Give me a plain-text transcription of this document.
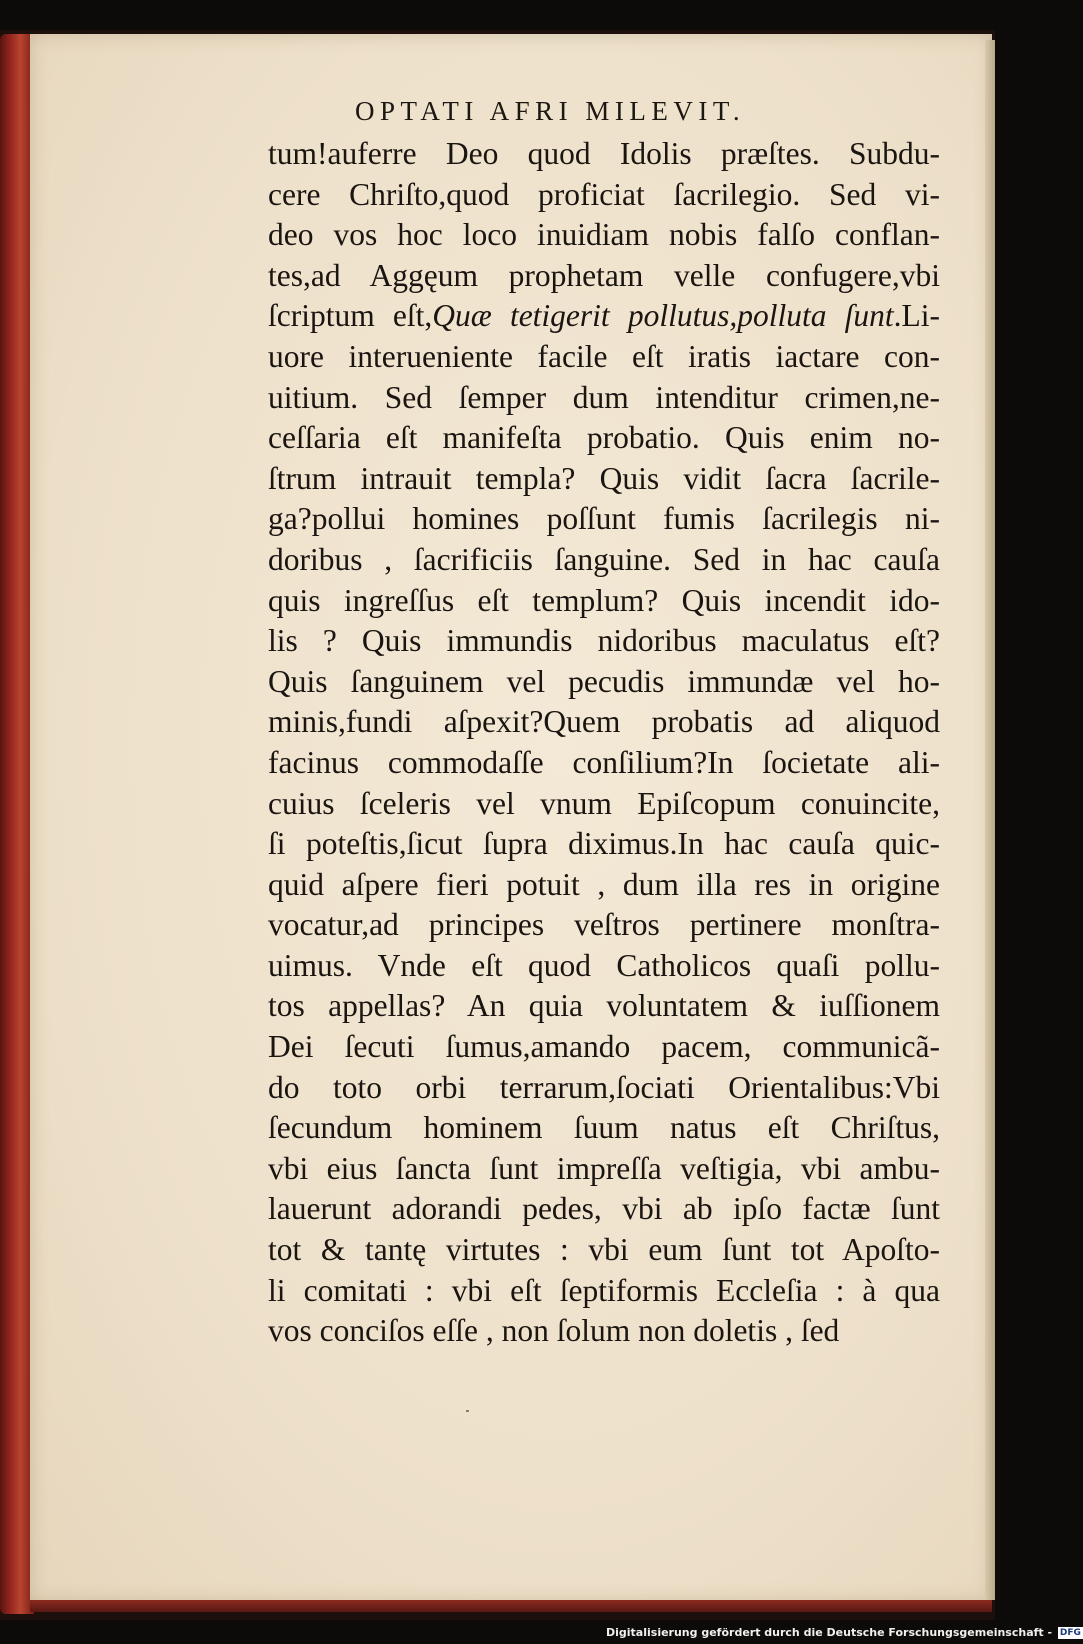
OPTATI AFRI MILEVIT.
tum!auferre Deo quod Idolis præſtes. Subdu-
cere Chriſto,quod proficiat ſacrilegio. Sed vi-
deo vos hoc loco inuidiam nobis falſo conflan-
tes,ad Aggęum prophetam velle confugere,vbi
ſcriptum eſt,Quæ tetigerit pollutus,polluta ſunt.Li-
uore interueniente facile eſt iratis iactare con-
uitium. Sed ſemper dum intenditur crimen,ne-
ceſſaria eſt manifeſta probatio. Quis enim no-
ſtrum intrauit templa? Quis vidit ſacra ſacrile-
ga?pollui homines poſſunt fumis ſacrilegis ni-
doribus , ſacrificiis ſanguine. Sed in hac cauſa
quis ingreſſus eſt templum? Quis incendit ido-
lis ? Quis immundis nidoribus maculatus eſt?
Quis ſanguinem vel pecudis immundæ vel ho-
minis,fundi aſpexit?Quem probatis ad aliquod
facinus commodaſſe conſilium?In ſocietate ali-
cuius ſceleris vel vnum Epiſcopum conuincite,
ſi poteſtis,ſicut ſupra diximus.In hac cauſa quic-
quid aſpere fieri potuit , dum illa res in origine
vocatur,ad principes veſtros pertinere monſtra-
uimus. Vnde eſt quod Catholicos quaſi pollu-
tos appellas? An quia voluntatem & iuſſionem
Dei ſecuti ſumus,amando pacem, communicã-
do toto orbi terrarum,ſociati Orientalibus:Vbi
ſecundum hominem ſuum natus eſt Chriſtus,
vbi eius ſancta ſunt impreſſa veſtigia, vbi ambu-
lauerunt adorandi pedes, vbi ab ipſo factæ ſunt
tot & tantę virtutes : vbi eum ſunt tot Apoſto-
li comitati : vbi eſt ſeptiformis Eccleſia : à qua
vos conciſos eſſe , non ſolum non doletis , ſed
Digitalisierung gefördert durch die Deutsche Forschungsgemeinschaft - DFG
